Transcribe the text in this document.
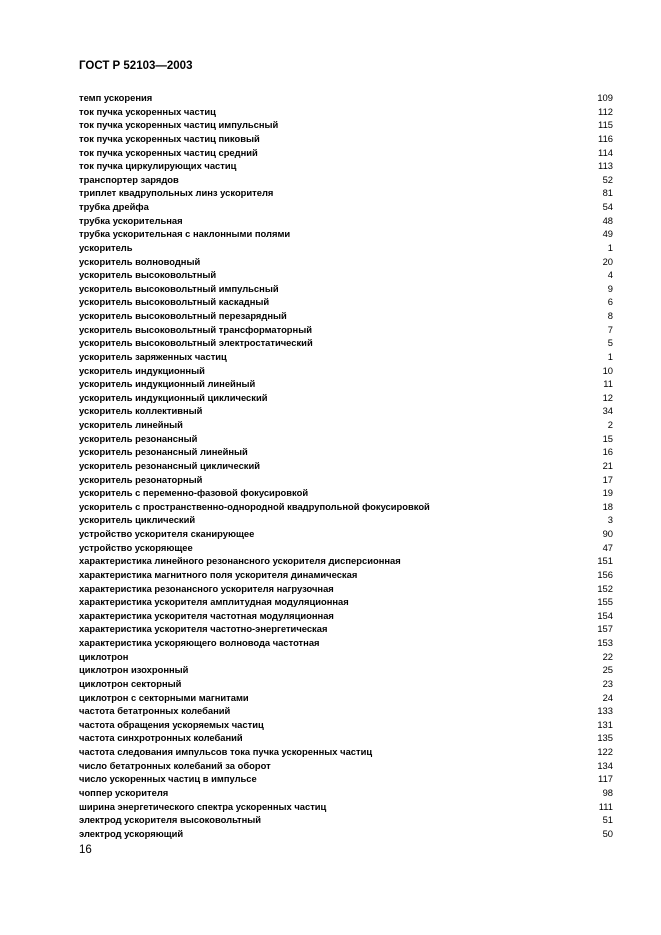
ГОСТ Р 52103—2003
темп ускорения	109
ток пучка ускоренных частиц	112
ток пучка ускоренных частиц импульсный	115
ток пучка ускоренных частиц пиковый	116
ток пучка ускоренных частиц средний	114
ток пучка циркулирующих частиц	113
транспортер зарядов	52
триплет квадрупольных линз ускорителя	81
трубка дрейфа	54
трубка ускорительная	48
трубка ускорительная с наклонными полями	49
ускоритель	1
ускоритель волноводный	20
ускоритель высоковольтный	4
ускоритель высоковольтный импульсный	9
ускоритель высоковольтный каскадный	6
ускоритель высоковольтный перезарядный	8
ускоритель высоковольтный трансформаторный	7
ускоритель высоковольтный электростатический	5
ускоритель заряженных частиц	1
ускоритель индукционный	10
ускоритель индукционный линейный	11
ускоритель индукционный циклический	12
ускоритель коллективный	34
ускоритель линейный	2
ускоритель резонансный	15
ускоритель резонансный линейный	16
ускоритель резонансный циклический	21
ускоритель резонаторный	17
ускоритель с переменно-фазовой фокусировкой	19
ускоритель с пространственно-однородной квадрупольной фокусировкой	18
ускоритель циклический	3
устройство ускорителя сканирующее	90
устройство ускоряющее	47
характеристика линейного резонансного ускорителя дисперсионная	151
характеристика магнитного поля ускорителя динамическая	156
характеристика резонансного ускорителя нагрузочная	152
характеристика ускорителя амплитудная модуляционная	155
характеристика ускорителя частотная модуляционная	154
характеристика ускорителя частотно-энергетическая	157
характеристика ускоряющего волновода частотная	153
циклотрон	22
циклотрон изохронный	25
циклотрон секторный	23
циклотрон с секторными магнитами	24
частота бетатронных колебаний	133
частота обращения ускоряемых частиц	131
частота синхротронных колебаний	135
частота следования импульсов тока пучка ускоренных частиц	122
число бетатронных колебаний за оборот	134
число ускоренных частиц в импульсе	117
чоппер ускорителя	98
ширина энергетического спектра ускоренных частиц	111
электрод ускорителя высоковольтный	51
электрод ускоряющий	50
16
